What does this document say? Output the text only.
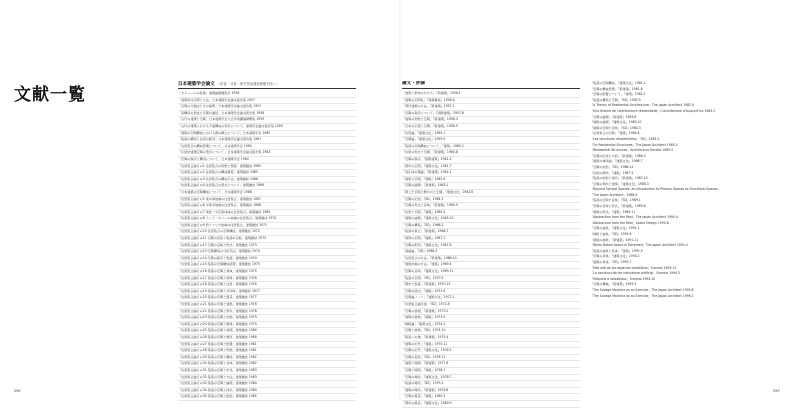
文献一覧
日本建築学会論文 （単著・共著／研究発表講演梗概を除く）
「モジュールの役割」建築論篇篇集会 1956
「建築的住空間と寸法」日本建築学会論文報告集 1957
「空間の分割法とその基準」日本建築学会論文報告集 1957
「家構造の形成と空間の連続」日本建築学会論文報告集 1958
「古代の建築と空間」日本建築学会大会学術講演梗概集 1959
「古代の建築における平面構成の特色について」建築学会論文報告集 1959
「建築の空間構成における群の概念について」日本建築学会 1960
「集落の構造と住居の配列」日本建築学会論文報告集 1961
「住居集合の構成原理について」日本建築学会 1963
「伝統的建築空間の型式について」日本建築学会論文報告集 1963
「空間の秩序と構造について」日本建築学会 1964
「住居集合論その1 住居集合の形態と環境」建築雑誌 1965
「住居集合論その2 住居集合の構成要素」建築雑誌 1965
「住居集合論その3 住居集合の構成手法」建築雑誌 1966
「住居集合論その4 住居集合の型式について」建築雑誌 1966
「日本建築の空間構成について」日本建築学会 1966
「住居集合論その5 地中海地域の住居集合」建築雑誌 1967
「住居集合論その6 中南米地域の住居集合」建築雑誌 1968
「住居集合論その7 東欧・中近東地域の住居集合」建築雑誌 1969
「住居集合論その8 インド・ネパール地域の住居集合」建築雑誌 1970
「住居集合論その9 西アフリカ地域の住居集合」建築雑誌 1971
「住居集合論その10 住居集合の空間構成」建築雑誌 1972
「住居集合論その11 空間の記述と集落の比較」建築雑誌 1973
「住居集合論その12 空間の意味と形式」建築雑誌 1973
「住居集合論その13 空間構造の分析手法」建築雑誌 1974
「住居集合論その14 空間の秩序と集落」建築雑誌 1974
「住居集合論その15 集落の空間構成原理」建築雑誌 1975
「住居集合論その16 集落の空間と領域」建築雑誌 1975
「住居集合論その17 集落の空間と境界」建築雑誌 1976
「住居集合論その18 集落の空間と住居」建築雑誌 1976
「住居集合論その19 集落の空間と共同体」建築雑誌 1977
「住居集合論その20 集落の空間と風景」建築雑誌 1977
「住居集合論その21 集落の空間と建築」建築雑誌 1978
「住居集合論その22 集落の空間と都市」建築雑誌 1978
「住居集合論その23 集落の空間と計画」建築雑誌 1979
「住居集合論その24 集落の空間と環境」建築雑誌 1979
「住居集合論その25 集落の空間と時間」建築雑誌 1980
「住居集合論その26 集落の空間と場所」建築雑誌 1980
「住居集合論その27 集落の空間と配置」建築雑誌 1981
「住居集合論その28 集落の空間と形態」建築雑誌 1981
「住居集合論その29 集落の空間と構造」建築雑誌 1982
「住居集合論その30 集落の空間と意味」建築雑誌 1982
「住居集合論その31 集落の空間と記述」建築雑誌 1983
「住居集合論その32 集落の空間と方法」建築雑誌 1983
「住居集合論その33 集落の空間と論理」建築雑誌 1984
「住居集合論その34 集落の空間と体系」建築雑誌 1984
「住居集合論その35 集落の空間と総括」建築雑誌 1985
論文・評論
「建築と都市のかたち」『新建築』1956.1
「建築の空間性」『建築雑誌』1956.8
「現代建築の方法」『新建築』1957.2
「空間の秩序について」『国際建築』1957.6
「建築の形態と空間」『新建築』1958.3
「日本の伝統と空間」『新建築』1958.9
「住居論」『建築文化』1959.1
「空間論」『建築文化』1959.5
「集落の空間構成について」『建築』1960.2
「住居の形式と空間」『新建築』1960.8
「空間の秩序」『国際建築』1961.3
「都市の空間」『建築文化』1961.7
「有孔体の理論」『新建築』1962.1
「建築と空間」『建築』1962.6
「空間の論理」『新建築』1963.2
「閉じた空間と開かれた空間」『建築文化』1963.8
「空間の記述」『SD』1964.3
「空間の形式と意味」『新建築』1964.9
「住居と空間」『建築』1965.4
「建築の論理」『建築文化』1965.10
「空間の構造」『SD』1966.2
「集落の教え」『新建築』1966.7
「境界の空間」『建築』1967.1
「空間の配列」『建築文化』1967.6
「領域論」『SD』1968.3
「住居集合の方法」『新建築』1968.10
「建築計画の方法」『建築』1969.4
「空間の意味」『建築文化』1969.11
「集落の空間」『SD』1970.5
「都市と集落」『新建築』1970.12
「空間の図式」『建築』1971.6
「空間論ノート」『建築文化』1972.1
「住居集合論序説」『SD』1972.8
「空間の様相」『新建築』1973.2
「建築の様相」『建築』1973.9
「様相論」『建築文化』1974.3
「空間と様相」『SD』1974.10
「集落への旅」『新建築』1975.4
「建築の記号」『建築』1975.11
「空間の記号」『建築文化』1976.5
「空間の変容」『SD』1976.12
「建築と時間」『新建築』1977.6
「空間と時間」『建築』1978.1
「空間の場所」『建築文化』1978.7
「集落の場所」『SD』1979.2
「建築の場所」『新建築』1979.8
「空間の風景」『建築』1980.3
「都市の風景」『建築文化』1980.9
「集落の空間構成」『建築文化』1981.1
「空間の構成原理」『新建築』1981.6
「空間の配置について」『建築』1982.1
「集落の構造と空間」『SD』1982.5
「A Theory of Residential Architecture」The Japan Architect 1982.9
「Une théorie de l'architecture résidentielle」L'Architecture d'Aujourd'hui 1983.2
「空間の論理」『新建築』1983.6
「様相の論理」『建築文化』1983.10
「建築の空間と意味」『SD』1984.3
「住居集合の空間」『建築』1984.8
「Les structures résidentielles」『SD』1985.1
「On Residential Structures」The Japan Architect 1985.5
「Residential Structures」Architecture Review 1985.9
「空間の記述と分析」『新建築』1986.2
「建築の場所論」『建築文化』1986.7
「空間の地形」『SD』1986.12
「住居の場所」『建築』1987.5
「集落の地形と場所」『新建築』1987.10
「空間の場所と建築」『建築文化』1988.3
「Beyond Symbol Spaces: An Introduction to Primary Spaces as Functional Spaces」
「The Japan Architect」1988.9
「集落の空間と意味」『SD』1989.1
「空間の意味と形式」『新建築』1989.6
「建築の形式」『建築』1989.11
「Abstraction from the Real」The Japan Architect 1990.4
「Abstraction from the Real」Space Design 1990.8
「空間の抽象」『建築文化』1991.1
「様相と抽象」『SD』1991.6
「建築の抽象」『新建築』1991.11
「When Naked Space is Traversed」The Japan Architect 1992.4
「集落の抽象と具体」『建築』1992.9
「空間の具体」『建築文化』1993.2
「建築の具体」『SD』1993.7
「Más allá de los espacios simbólicos」Summa 1993.12
「La construcción de naturaleza artificial」Summa 1994.5
「Máquina o salvabidas」Summa 1994.10
「空間の機械」『新建築』1995.3
「The Savage Machine as an Exercise」The Japan Architect 1995.8
「The Savage Machine as an Exercise」The Japan Architect 1996.1
598	599
